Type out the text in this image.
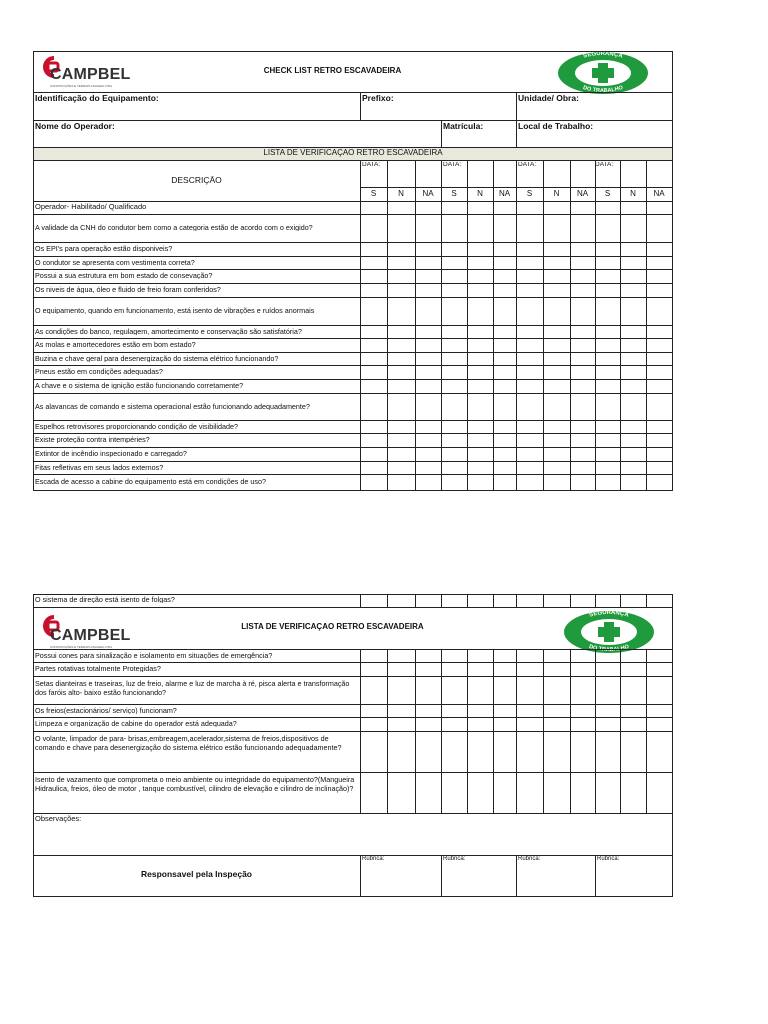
CAMPBEL
CONSTRUÇÕES E TERRAPLANAGEM LTDA
CHECK LIST RETRO ESCAVADEIRA
SEGURANÇA
DO TRABALHO
Identificação do Equipamento:	Prefixo:	Unidade/ Obra:
Nome do Operador:	Matrícula:	Local de Trabalho:
LISTA DE VERIFICAÇÃO RETRO ESCAVADEIRA
DESCRIÇÃO
DATA:	DATA:	DATA:	DATA:
S	N	NA	S	N	NA	S	N	NA	S	N	NA
Operador- Habilitado/ Qualificado
A validade da CNH do condutor bem como a categoria estão de acordo com o exigido?
Os EPI's para operação estão disponiveis?
O condutor se apresenta com vestimenta correta?
Possui a sua estrutura em bom estado de consevação?
Os niveis de água, óleo e fluido de freio foram conferidos?
O equipamento, quando em funcionamento, está isento de vibrações e ruídos anormais
As condições do banco, regulagem, amortecimento e conservação são satisfatória?
As molas e amortecedores estão em bom estado?
Buzina e chave geral para desenergização do sistema elétrico funcionando?
Pneus estão em condições adequadas?
A chave e o sistema de ignição estão funcionando corretamente?
As alavancas de comando e sistema operacional estão funcionando adequadamente?
Espelhos retrovisores proporcionando condição de visibilidade?
Existe proteção contra intempéries?
Extintor de incêndio inspecionado e carregado?
Fitas refletivas em seus lados externos?
Escada de acesso a cabine do equipamento está em condições de uso?
O sistema de direção está isento de folgas?
CAMPBEL
CONSTRUÇÕES E TERRAPLANAGEM LTDA
LISTA DE VERIFICAÇÃO RETRO ESCAVADEIRA
SEGURANÇA
DO TRABALHO
Possui cones para sinalização e isolamento em situações de emergência?
Partes rotativas totalmente Protegidas?
Setas dianteiras e traseiras, luz de freio, alarme e luz de marcha à ré, pisca alerta e transformação dos faróis alto- baixo estão funcionando?
Os freios(estacionários/ serviço) funcionam?
Limpeza e organização de cabine do operador está adequada?
O volante, limpador de para- brisas,embreagem,acelerador,sistema de freios,dispositivos de comando e chave para desenergização do sistema elétrico estão funcionando adequadamente?
Isento de vazamento que comprometa o meio ambiente ou integridade do equipamento?(Mangueira Hidraulica, freios, óleo de motor , tanque combustível, cilindro de elevação e cilindro de inclinação)?
Observações:
Responsavel pela Inspeção
Rubrica:	Rubrica:	Rubrica:	Rubrica:
